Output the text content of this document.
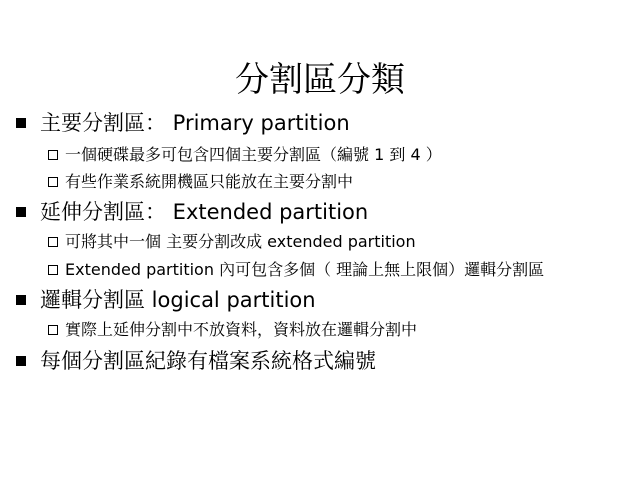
分割區分類
主要分割區： Primary partition
一個硬碟最多可包含四個主要分割區（編號 1 到 4 ）
有些作業系統開機區只能放在主要分割中
延伸分割區： Extended partition
可將其中一個 主要分割改成 extended partition
Extended partition 內可包含多個（ 理論上無上限個）邏輯分割區
邏輯分割區 logical partition
實際上延伸分割中不放資料，資料放在邏輯分割中
每個分割區紀錄有檔案系統格式編號
